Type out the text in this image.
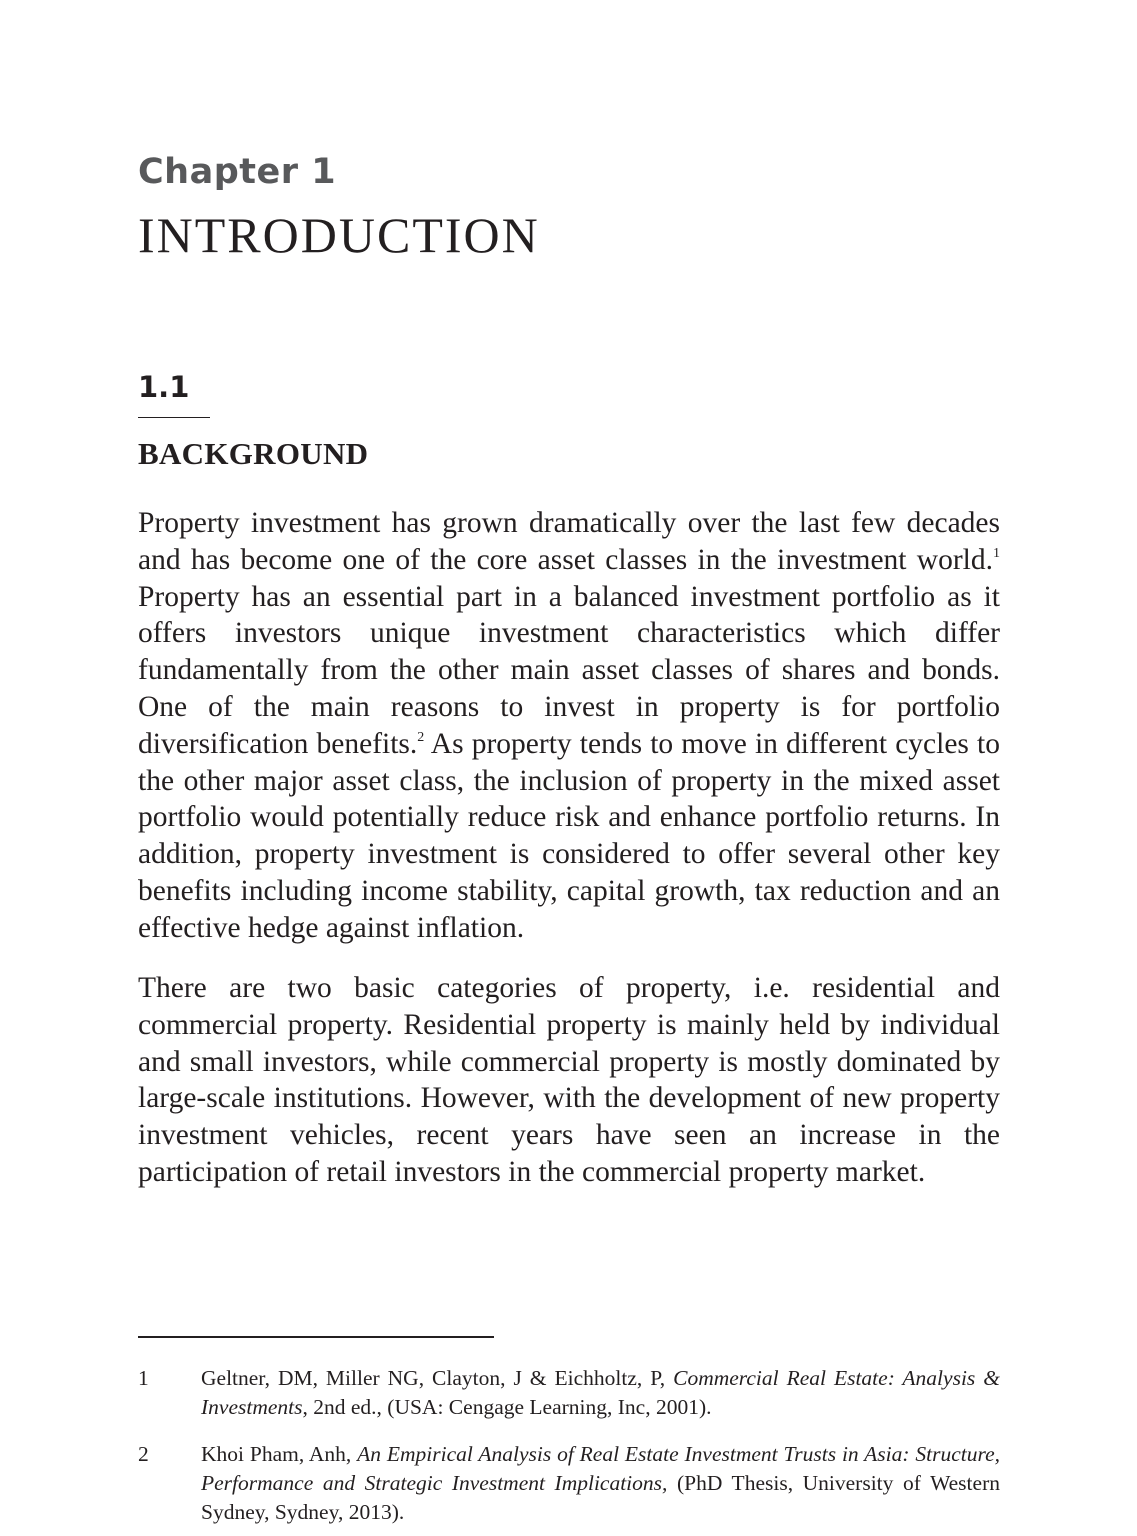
Chapter 1
INTRODUCTION
1.1
BACKGROUND

Property investment has grown dramatically over the last few decades and has become one of the core asset classes in the investment world.$^1$ Property has an essential part in a balanced investment portfolio as it offers investors unique investment characteristics which differ fundamentally from the other main asset classes of shares and bonds. One of the main reasons to invest in property is for portfolio diversification benefits.$^2$ As property tends to move in different cycles to the other major asset class, the inclusion of property in the mixed asset portfolio would potentially reduce risk and enhance portfolio returns. In addition, property investment is considered to offer several other key benefits including income stability, capital growth, tax reduction and an effective hedge against inflation.

There are two basic categories of property, i.e. residential and commercial property. Residential property is mainly held by individual and small investors, while commercial property is mostly dominated by large-scale institutions. However, with the development of new property investment vehicles, recent years have seen an increase in the participation of retail investors in the commercial property market.

1 Geltner, DM, Miller NG, Clayton, J & Eichholtz, P, Commercial Real Estate: Analysis & Investments, 2nd ed., (USA: Cengage Learning, Inc, 2001).
2 Khoi Pham, Anh, An Empirical Analysis of Real Estate Investment Trusts in Asia: Structure, Performance and Strategic Investment Implications, (PhD Thesis, University of Western Sydney, Sydney, 2013).
